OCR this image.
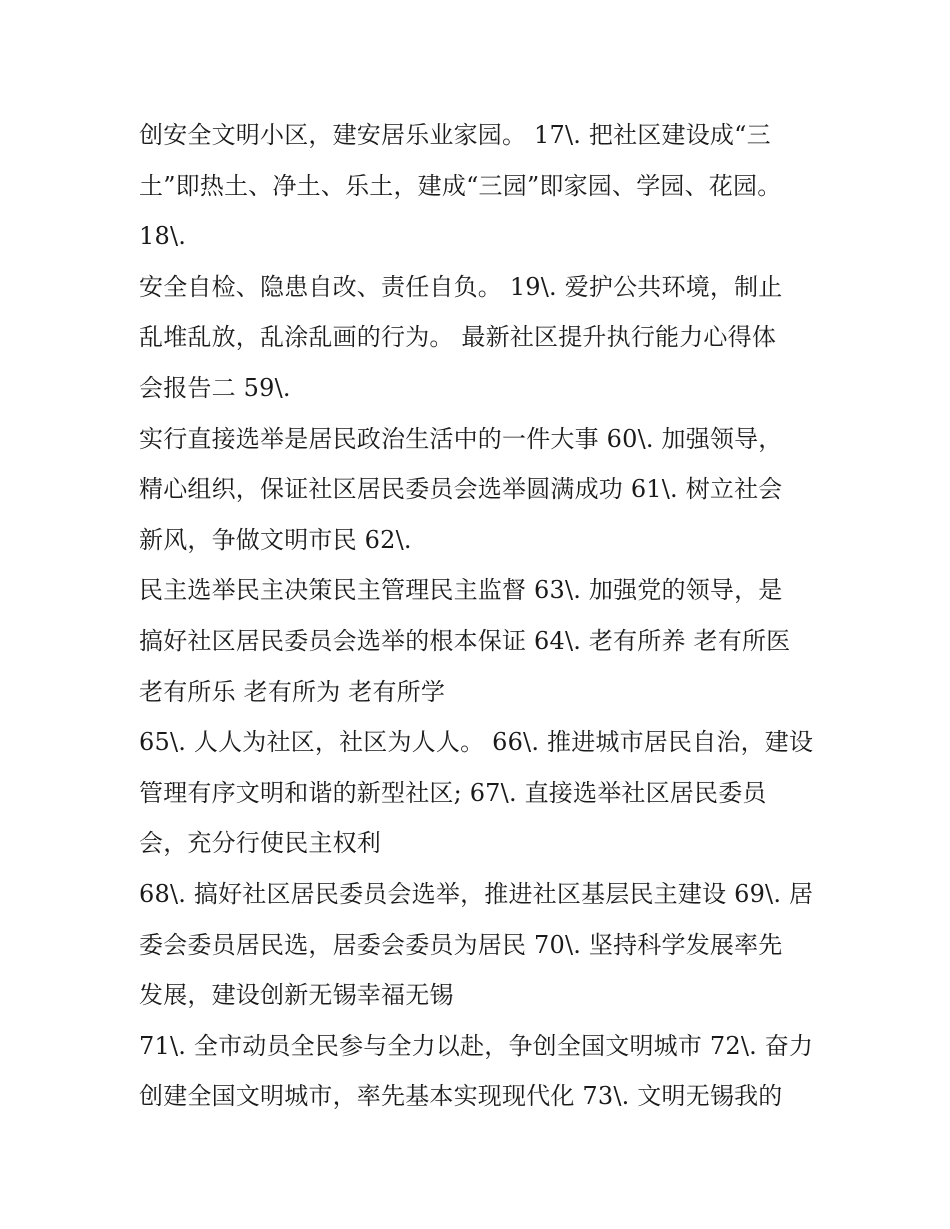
创安全文明小区，建安居乐业家园。 17\. 把社区建设成“三
土”即热土、净土、乐土，建成“三园”即家园、学园、花园。
18\.
安全自检、隐患自改、责任自负。 19\. 爱护公共环境，制止
乱堆乱放，乱涂乱画的行为。 最新社区提升执行能力心得体
会报告二 59\.
实行直接选举是居民政治生活中的一件大事 60\. 加强领导，
精心组织，保证社区居民委员会选举圆满成功 61\. 树立社会
新风，争做文明市民 62\.
民主选举民主决策民主管理民主监督 63\. 加强党的领导，是
搞好社区居民委员会选举的根本保证 64\. 老有所养 老有所医
老有所乐 老有所为 老有所学
65\. 人人为社区，社区为人人。 66\. 推进城市居民自治，建设
管理有序文明和谐的新型社区; 67\. 直接选举社区居民委员
会，充分行使民主权利
68\. 搞好社区居民委员会选举，推进社区基层民主建设 69\. 居
委会委员居民选，居委会委员为居民 70\. 坚持科学发展率先
发展，建设创新无锡幸福无锡
71\. 全市动员全民参与全力以赴，争创全国文明城市 72\. 奋力
创建全国文明城市，率先基本实现现代化 73\. 文明无锡我的
